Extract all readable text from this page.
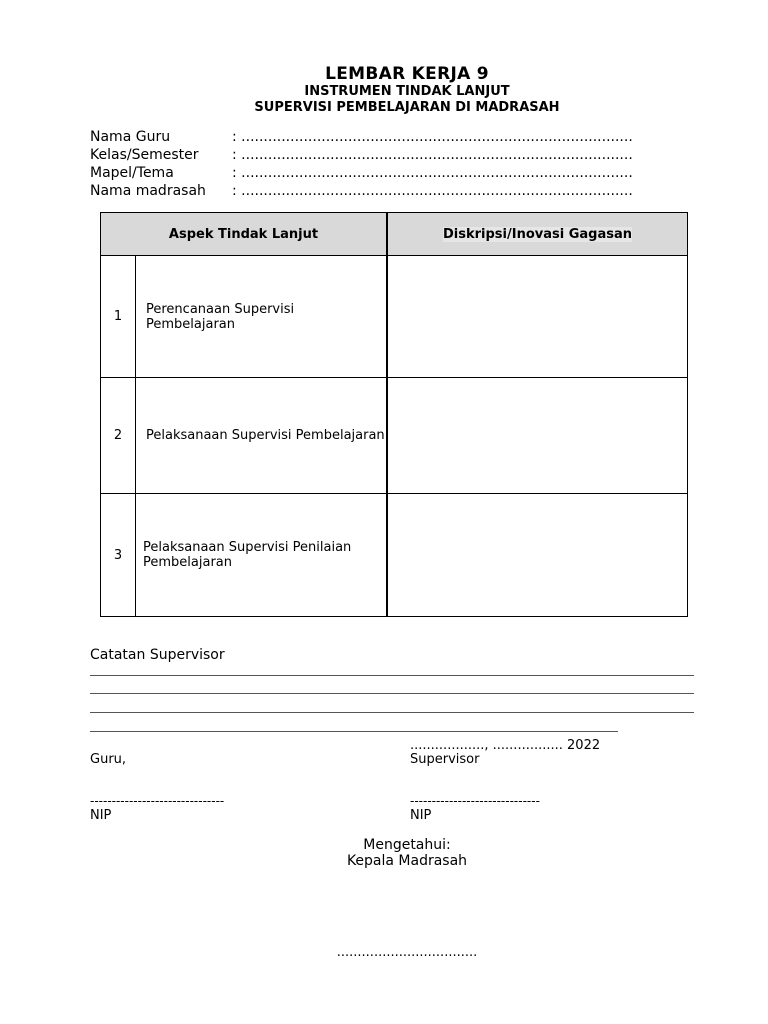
LEMBAR KERJA 9
INSTRUMEN TINDAK LANJUT
SUPERVISI PEMBELAJARAN DI MADRASAH
Nama Guru	: ........................................................................................
Kelas/Semester : ........................................................................................
Mapel/Tema	: ........................................................................................
Nama madrasah : ........................................................................................
Aspek Tindak Lanjut		Diskripsi/Inovasi Gagasan
1	Perencanaan Supervisi Pembelajaran	
2	Pelaksanaan Supervisi Pembelajaran	
3	Pelaksanaan Supervisi Penilaian Pembelajaran	
Catatan Supervisor
.................., ................. 2022
Guru,	Supervisor
-------------------------------	------------------------------
NIP	NIP
Mengetahui:
Kepala Madrasah
..................................
